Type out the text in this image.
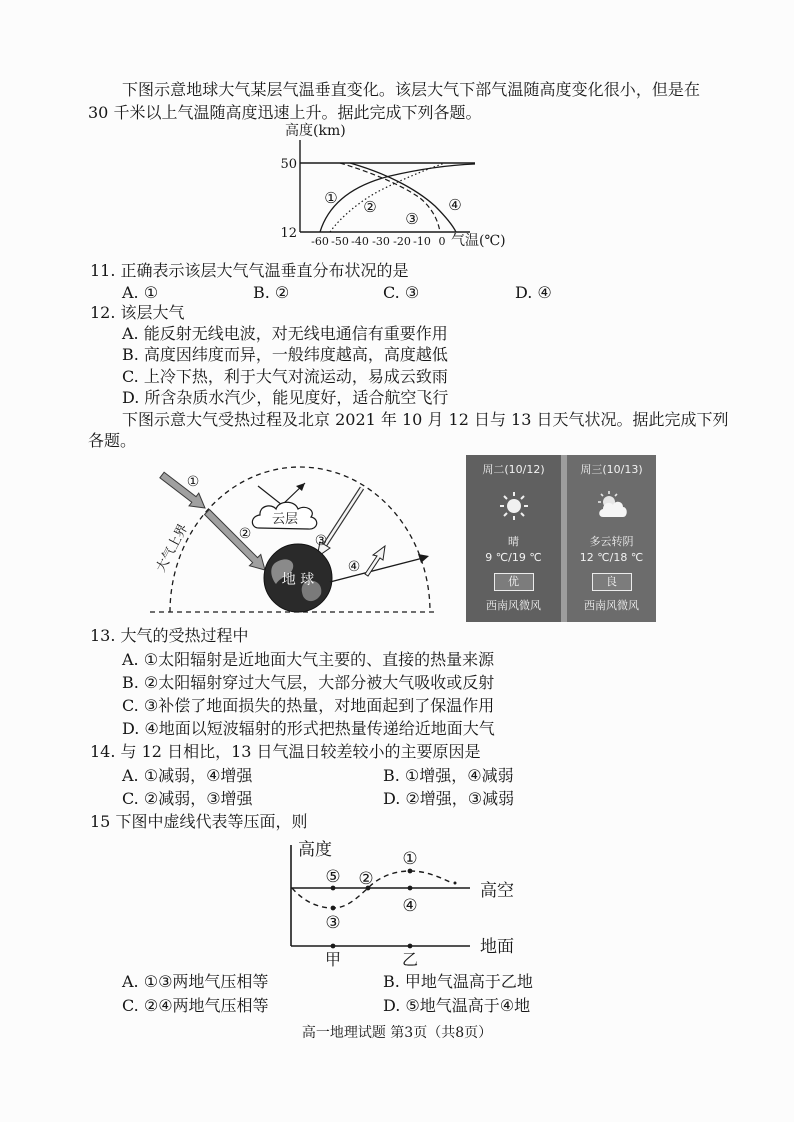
下图示意地球大气某层气温垂直变化。该层大气下部气温随高度变化很小，但是在
30 千米以上气温随高度迅速上升。据此完成下列各题。
高度(km)
50
12
-60 -50 -40 -30 -20 -10 0 气温(℃)
① ②
③
④
11. 正确表示该层大气气温垂直分布状况的是
A. ①	B. ②	C. ③	D. ④
12. 该层大气
A. 能反射无线电波，对无线电通信有重要作用
B. 高度因纬度而异，一般纬度越高，高度越低
C. 上冷下热，利于大气对流运动，易成云致雨
D. 所含杂质水汽少，能见度好，适合航空飞行
下图示意大气受热过程及北京 2021 年 10 月 12 日与 13 日天气状况。据此完成下列
各题。
大气上界
①
②
云层
③
地 球
④
周二(10/12)
晴
9 ℃/19 ℃
优
西南风微风
周三(10/13)
多云转阴
12 ℃/18 ℃
良
西南风微风
13. 大气的受热过程中
A. ①太阳辐射是近地面大气主要的、直接的热量来源
B. ②太阳辐射穿过大气层，大部分被大气吸收或反射
C. ③补偿了地面损失的热量，对地面起到了保温作用
D. ④地面以短波辐射的形式把热量传递给近地面大气
14. 与 12 日相比，13 日气温日较差较小的主要原因是
A. ①减弱，④增强	B. ①增强，④减弱
C. ②减弱，③增强	D. ②增强，③减弱
15 下图中虚线代表等压面，则
高度	①
②
③
④
⑤
高空
地面
甲	乙
A. ①③两地气压相等	B. 甲地气温高于乙地
C. ②④两地气压相等	D. ⑤地气温高于④地
高一地理试题 第3页（共8页）
